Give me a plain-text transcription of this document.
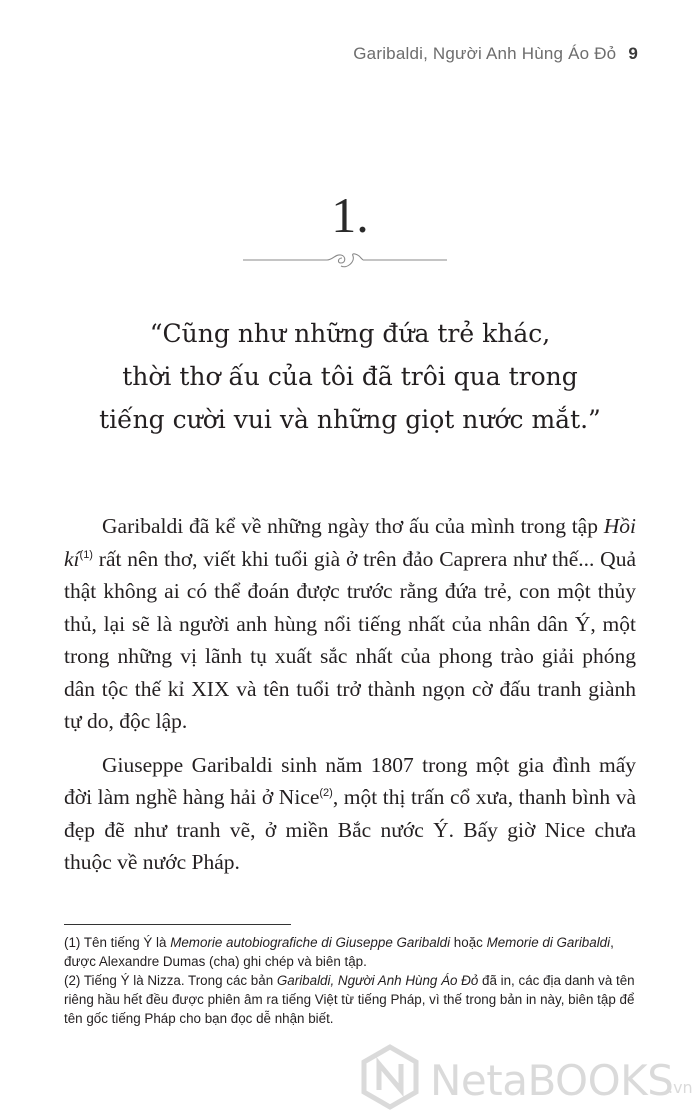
Garibaldi, Người Anh Hùng Áo Đỏ 9
1.
“Cũng như những đứa trẻ khác,
thời thơ ấu của tôi đã trôi qua trong
tiếng cười vui và những giọt nước mắt.”

Garibaldi đã kể về những ngày thơ ấu của mình trong tập Hồi $kí^{(1)}$ rất nên thơ, viết khi tuổi già ở trên đảo Caprera như thế... Quả thật không ai có thể đoán được trước rằng đứa trẻ, con một thủy thủ, lại sẽ là người anh hùng nổi tiếng nhất của nhân dân Ý, một trong những vị lãnh tụ xuất sắc nhất của phong trào giải phóng dân tộc thế kỉ XIX và tên tuổi trở thành ngọn cờ đấu tranh giành tự do, độc lập.

Giuseppe Garibaldi sinh năm 1807 trong một gia đình mấy đời làm nghề hàng hải ở Nice$^{(2)}$, một thị trấn cổ xưa, thanh bình và đẹp đẽ như tranh vẽ, ở miền Bắc nước Ý. Bấy giờ Nice chưa thuộc về nước Pháp.

(1) Tên tiếng Ý là Memorie autobiografiche di Giuseppe Garibaldi hoặc Memorie di Garibaldi, được Alexandre Dumas (cha) ghi chép và biên tập.

(2) Tiếng Ý là Nizza. Trong các bản Garibaldi, Người Anh Hùng Áo Đỏ đã in, các địa danh và tên riêng hầu hết đều được phiên âm ra tiếng Việt từ tiếng Pháp, vì thế trong bản in này, biên tập để tên gốc tiếng Pháp cho bạn đọc dễ nhận biết.

NetaBOOKS
.vn
